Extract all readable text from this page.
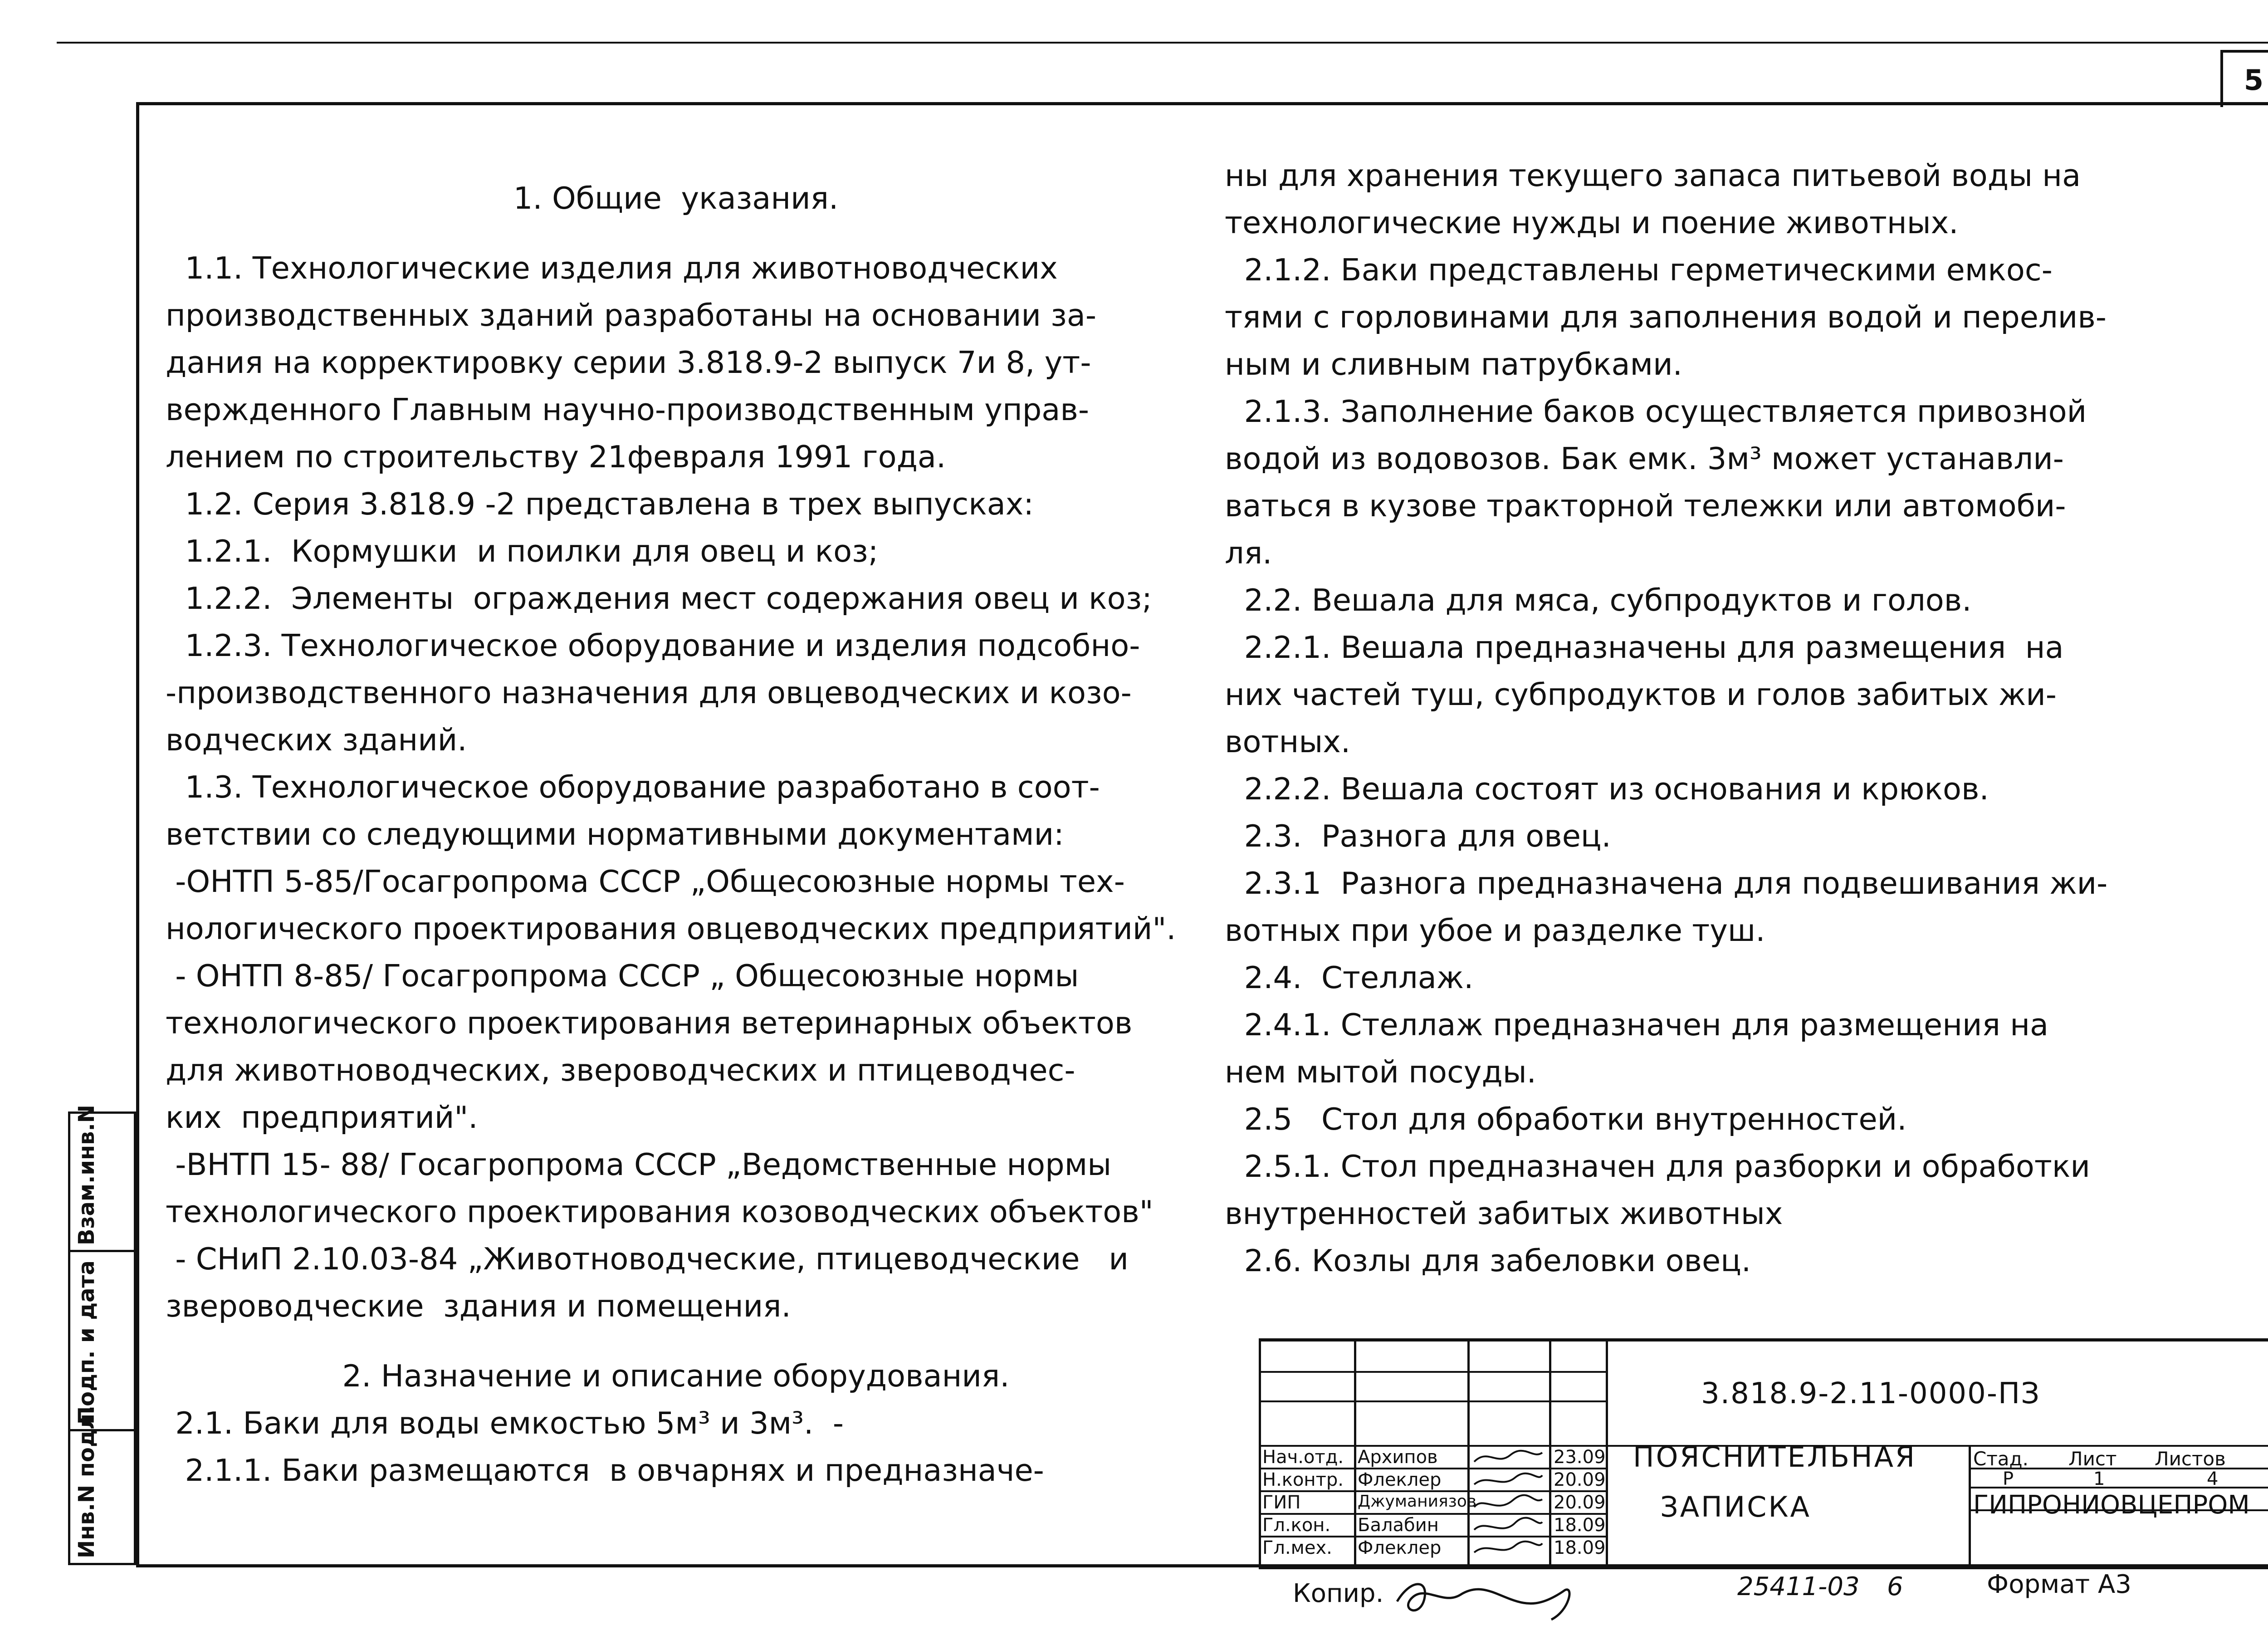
5

1. Общие  указания.

1.1. Технологические изделия для животноводческих

производственных зданий разработаны на основании за-

дания на корректировку серии 3.818.9-2 выпуск 7и 8, ут-

вержденного Главным научно-производственным управ-

лением по строительству 21февраля 1991 года.

1.2. Серия 3.818.9 -2 представлена в трех выпусках:

1.2.1.  Кормушки  и поилки для овец и коз;

1.2.2.  Элементы  ограждения мест содержания овец и коз;

1.2.3. Технологическое оборудование и изделия подсобно-

-производственного назначения для овцеводческих и козо-

водческих зданий.

1.3. Технологическое оборудование разработано в соот-

ветствии со следующими нормативными документами:

-ОНТП 5-85/Госагропрома СССР „Общесоюзные нормы тех-

нологического проектирования овцеводческих предприятий".

- ОНТП 8-85/ Госагропрома СССР „ Общесоюзные нормы

технологического проектирования ветеринарных объектов

для животноводческих, звероводческих и птицеводчес-

ких  предприятий".

-ВНТП 15- 88/ Госагропрома СССР „Ведомственные нормы

технологического проектирования козоводческих объектов"

- СНиП 2.10.03-84 „Животноводческие, птицеводческие   и

звероводческие  здания и помещения.

2. Назначение и описание оборудования.

2.1. Баки для воды емкостью 5м³ и 3м³.  -

2.1.1. Баки размещаются  в овчарнях и предназначе-

ны для хранения текущего запаса питьевой воды на

технологические нужды и поение животных.

2.1.2. Баки представлены герметическими емкос-

тями с горловинами для заполнения водой и перелив-

ным и сливным патрубками.

2.1.3. Заполнение баков осуществляется привозной

водой из водовозов. Бак емк. 3м³ может устанавли-

ваться в кузове тракторной тележки или автомоби-

ля.

2.2. Вешала для мяса, субпродуктов и голов.

2.2.1. Вешала предназначены для размещения  на

них частей туш, субпродуктов и голов забитых жи-

вотных.

2.2.2. Вешала состоят из основания и крюков.

2.3.  Разнога для овец.

2.3.1  Разнога предназначена для подвешивания жи-

вотных при убое и разделке туш.

2.4.  Стеллаж.

2.4.1. Стеллаж предназначен для размещения на

нем мытой посуды.

2.5   Стол для обработки внутренностей.

2.5.1. Стол предназначен для разборки и обработки

внутренностей забитых животных

2.6. Козлы для забеловки овец.

Взам.инв.N
Подп. и дата
Инв.N подл.	Нач.отд. Архипов	23.09
Н.контр. Флеклер	20.09
ГИП	Джуманиязов	20.09
Гл.кон. Балабин	18.09
Гл.мех. Флеклер	18.09
Стад. Лист Листов
Р	1	4
3.818.9-2.11-0000-ПЗ
ПОЯСНИТЕЛЬНАЯ
ЗАПИСКА	ГИПРОНИОВЦЕПРОМ
Копир.	25411-03 6	Формат А3
